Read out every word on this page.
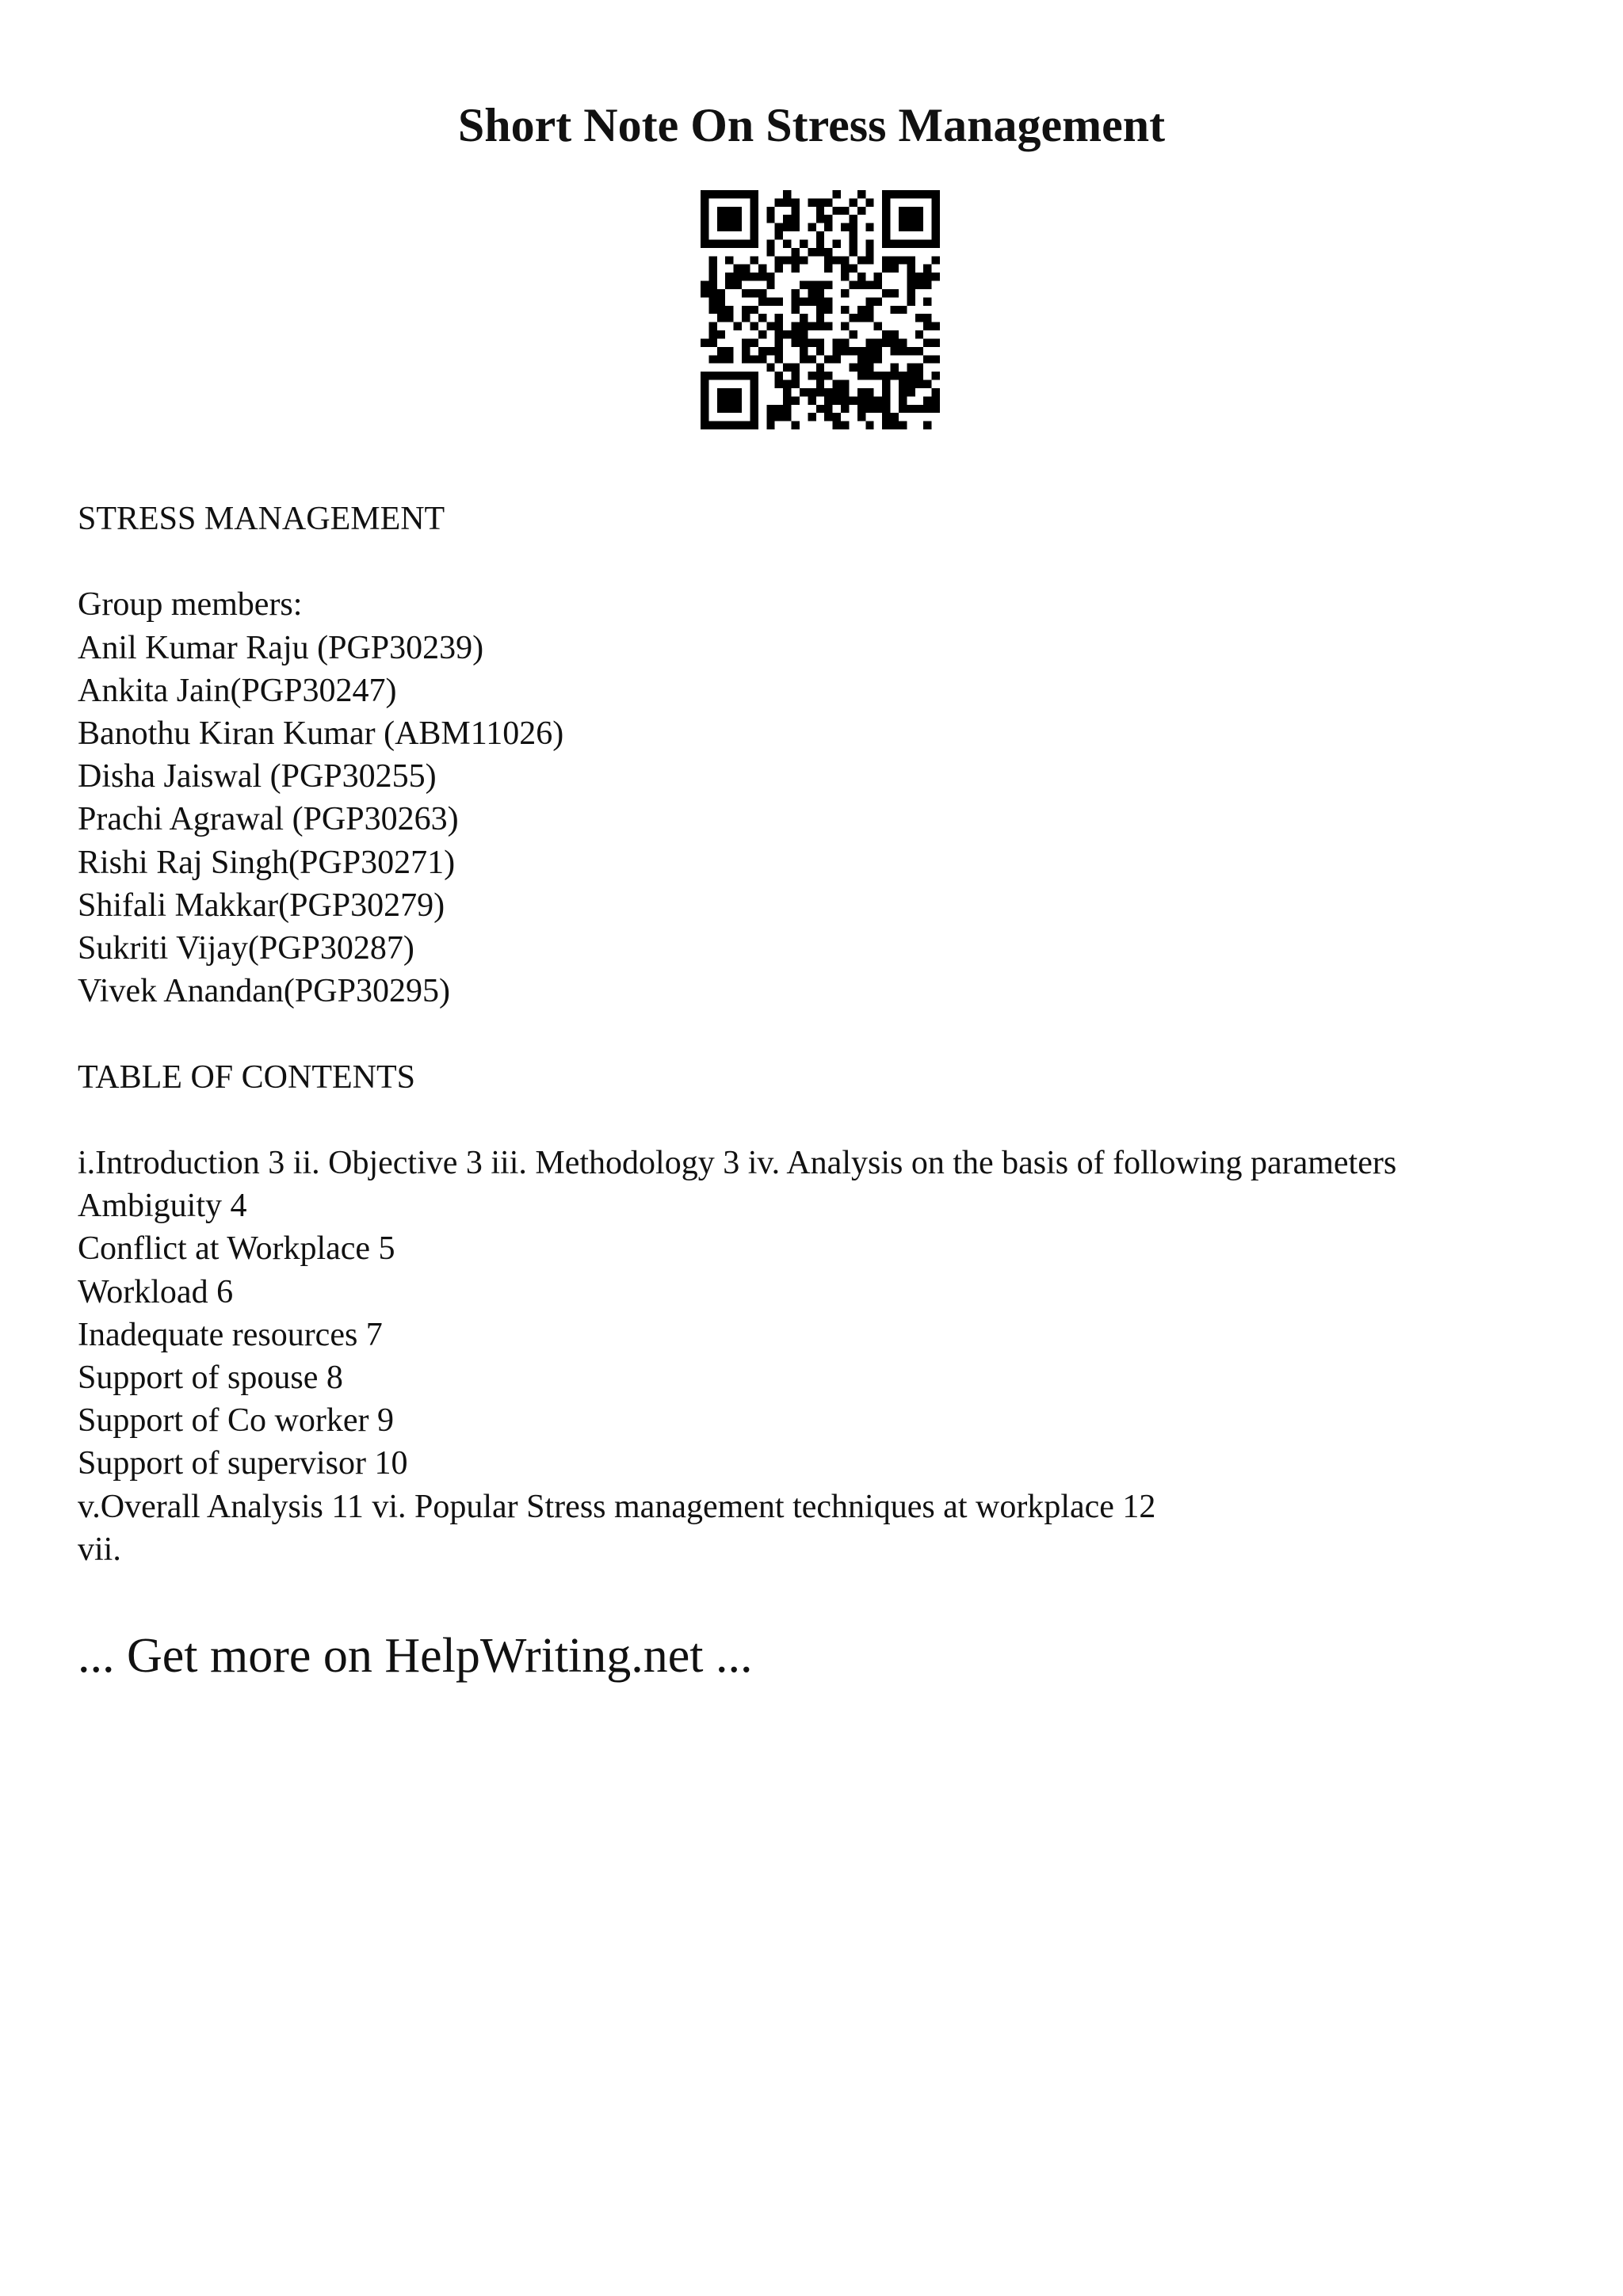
Short Note On Stress Management
STRESS MANAGEMENT
Group members:
Anil Kumar Raju (PGP30239)
Ankita Jain(PGP30247)
Banothu Kiran Kumar (ABM11026)
Disha Jaiswal (PGP30255)
Prachi Agrawal (PGP30263)
Rishi Raj Singh(PGP30271)
Shifali Makkar(PGP30279)
Sukriti Vijay(PGP30287)
Vivek Anandan(PGP30295)
TABLE OF CONTENTS
i.Introduction 3 ii. Objective 3 iii. Methodology 3 iv. Analysis on the basis of following parameters
Ambiguity 4
Conflict at Workplace 5
Workload 6
Inadequate resources 7
Support of spouse 8
Support of Co worker 9
Support of supervisor 10
v.Overall Analysis 11 vi. Popular Stress management techniques at workplace 12
vii.
... Get more on HelpWriting.net ...
